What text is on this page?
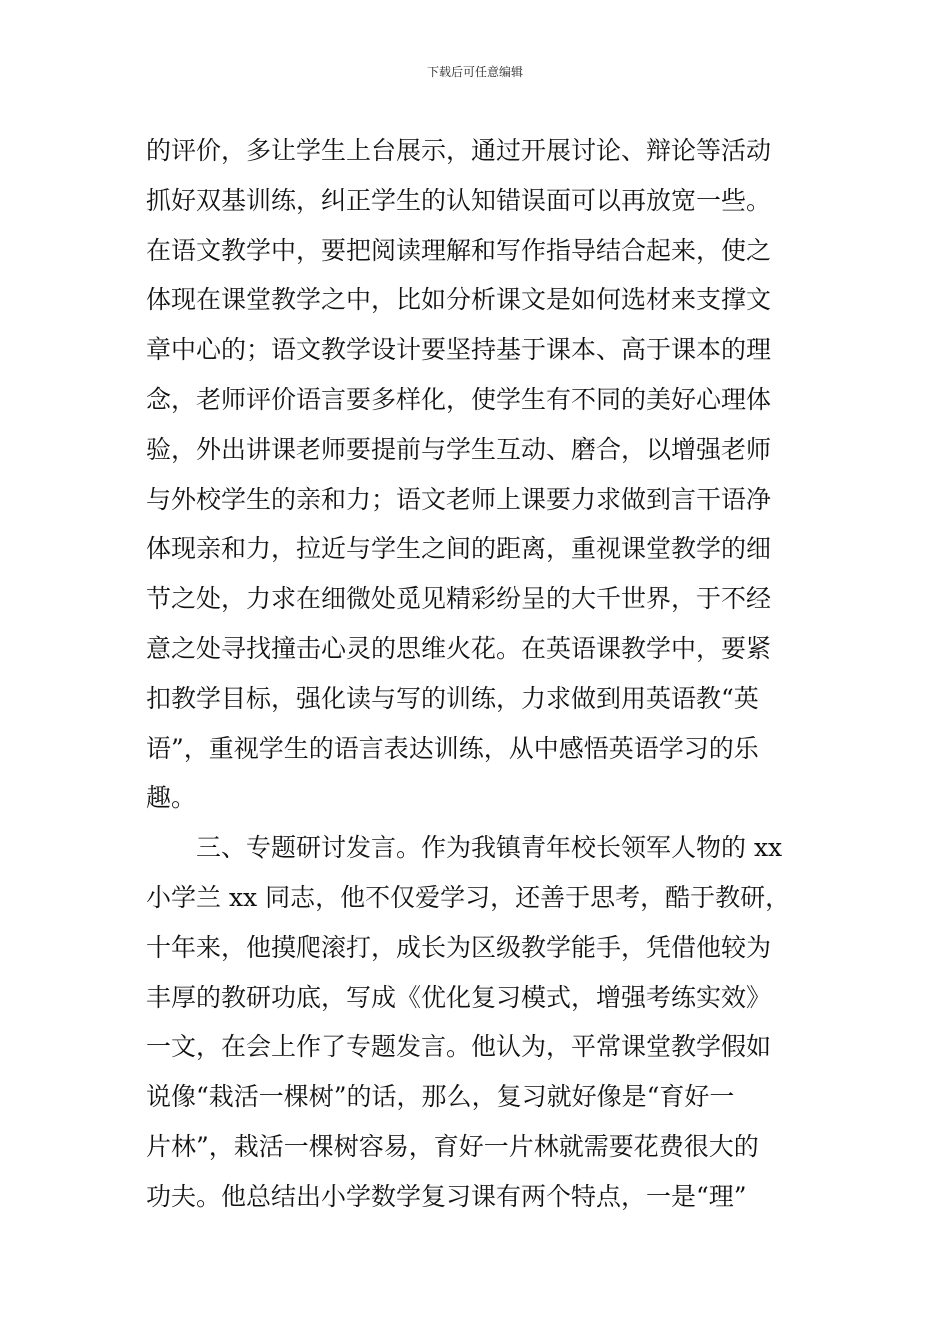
下载后可任意编辑
的评价，多让学生上台展示，通过开展讨论、辩论等活动
抓好双基训练，纠正学生的认知错误面可以再放宽一些。
在语文教学中，要把阅读理解和写作指导结合起来，使之
体现在课堂教学之中，比如分析课文是如何选材来支撑文
章中心的；语文教学设计要坚持基于课本、高于课本的理
念，老师评价语言要多样化，使学生有不同的美好心理体
验，外出讲课老师要提前与学生互动、磨合，以增强老师
与外校学生的亲和力；语文老师上课要力求做到言干语净
体现亲和力，拉近与学生之间的距离，重视课堂教学的细
节之处，力求在细微处觅见精彩纷呈的大千世界，于不经
意之处寻找撞击心灵的思维火花。在英语课教学中，要紧
扣教学目标，强化读与写的训练，力求做到用英语教“英
语”，重视学生的语言表达训练，从中感悟英语学习的乐
趣。
三、专题研讨发言。作为我镇青年校长领军人物的 xx
小学兰 xx 同志，他不仅爱学习，还善于思考，酷于教研，
十年来，他摸爬滚打，成长为区级教学能手，凭借他较为
丰厚的教研功底，写成《优化复习模式，增强考练实效》
一文，在会上作了专题发言。他认为，平常课堂教学假如
说像“栽活一棵树”的话，那么，复习就好像是“育好一
片林”，栽活一棵树容易，育好一片林就需要花费很大的
功夫。他总结出小学数学复习课有两个特点，一是“理”
